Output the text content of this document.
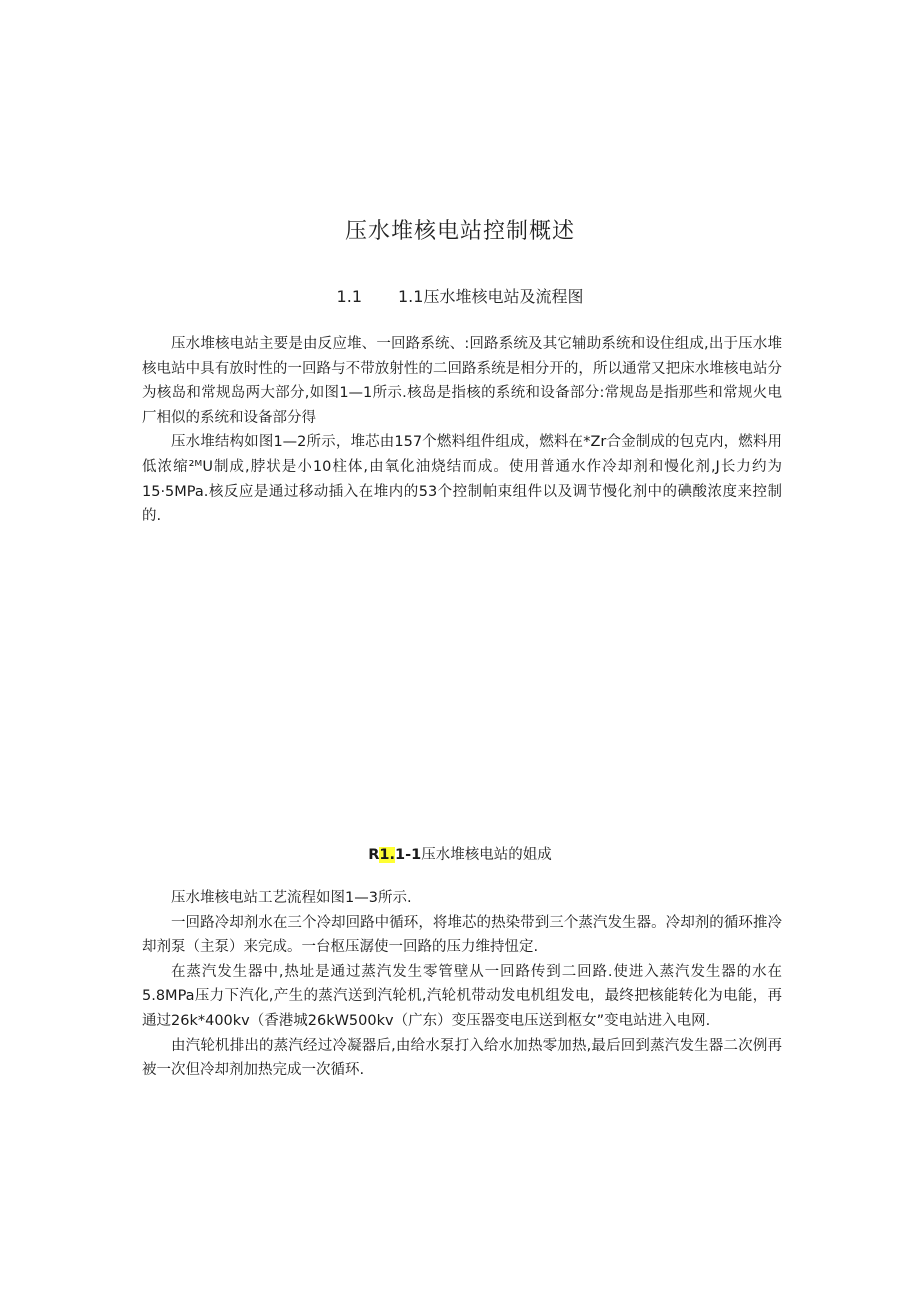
压水堆核电站控制概述
1.1 1.1压水堆核电站及流程图

压水堆核电站主要是由反应堆、一回路系统、:回路系统及其它辅助系统和设住组成,出于压水堆核电站中具有放时性的一回路与不带放射性的二回路系统是相分开的，所以通常又把床水堆核电站分为核岛和常规岛两大部分,如图1—1所示.核岛是指核的系统和设备部分:常规岛是指那些和常规火电厂相似的系统和设备部分得

压水堆结构如图1—2所示，堆芯由157个燃料组件组成，燃料在*Zr合金制成的包克内，燃料用低浓缩²ᴹU制成,脖状是小10柱体,由氧化油烧结而成。使用普通水作冷却剂和慢化剂,J长力约为15·5MPa.核反应是通过移动插入在堆内的53个控制帕束组件以及调节慢化剂中的碘酸浓度来控制的.

R1.1-1压水堆核电站的姐成

压水堆核电站工艺流程如图1—3所示.

一回路冷却剂水在三个冷却回路中循环，将堆芯的热染带到三个蒸汽发生器。冷却剂的循环推冷却剂泵（主泵）来完成。一台枢压潺使一回路的压力维持忸定.

在蒸汽发生器中,热址是通过蒸汽发生零管壁从一回路传到二回路.使进入蒸汽发生器的水在5.8MPa压力下汽化,产生的蒸汽送到汽轮机,汽轮机带动发电机组发电，最终把核能转化为电能，再通过26k*400kv（香港城26kW500kv（广东）变压器变电压送到枢女”变电站进入电网.

由汽轮机排出的蒸汽经过冷凝器后,由给水泵打入给水加热零加热,最后回到蒸汽发生器二次例再被一次但冷却剂加热完成一次循环.
